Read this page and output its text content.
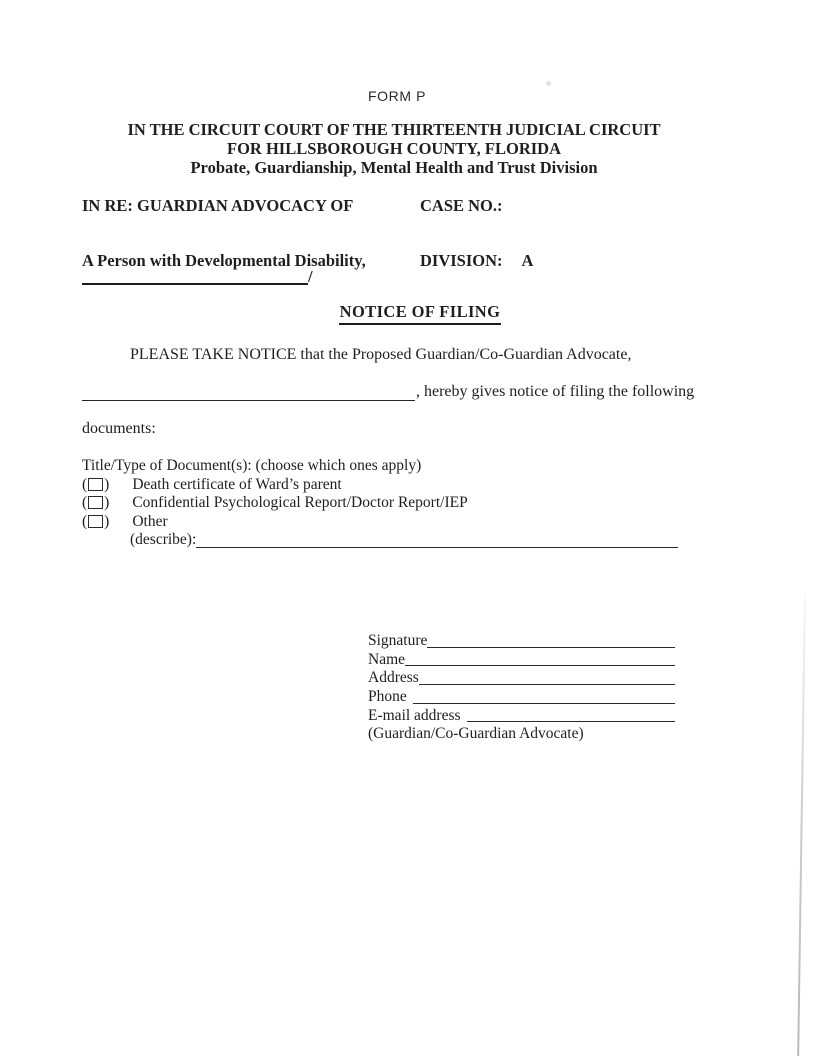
FORM P
IN THE CIRCUIT COURT OF THE THIRTEENTH JUDICIAL CIRCUIT
FOR HILLSBOROUGH COUNTY, FLORIDA
Probate, Guardianship, Mental Health and Trust Division
IN RE: GUARDIAN ADVOCACY OF	CASE NO.:
A Person with Developmental Disability,	DIVISION: A
/
NOTICE OF FILING
PLEASE TAKE NOTICE that the Proposed Guardian/Co-Guardian Advocate,
, hereby gives notice of filing the following
documents:
Title/Type of Document(s): (choose which ones apply)
( ) Death certificate of Ward’s parent
( ) Confidential Psychological Report/Doctor Report/IEP
( ) Other
(describe):
Signature
Name
Address
Phone
E-mail address
(Guardian/Co-Guardian Advocate)
